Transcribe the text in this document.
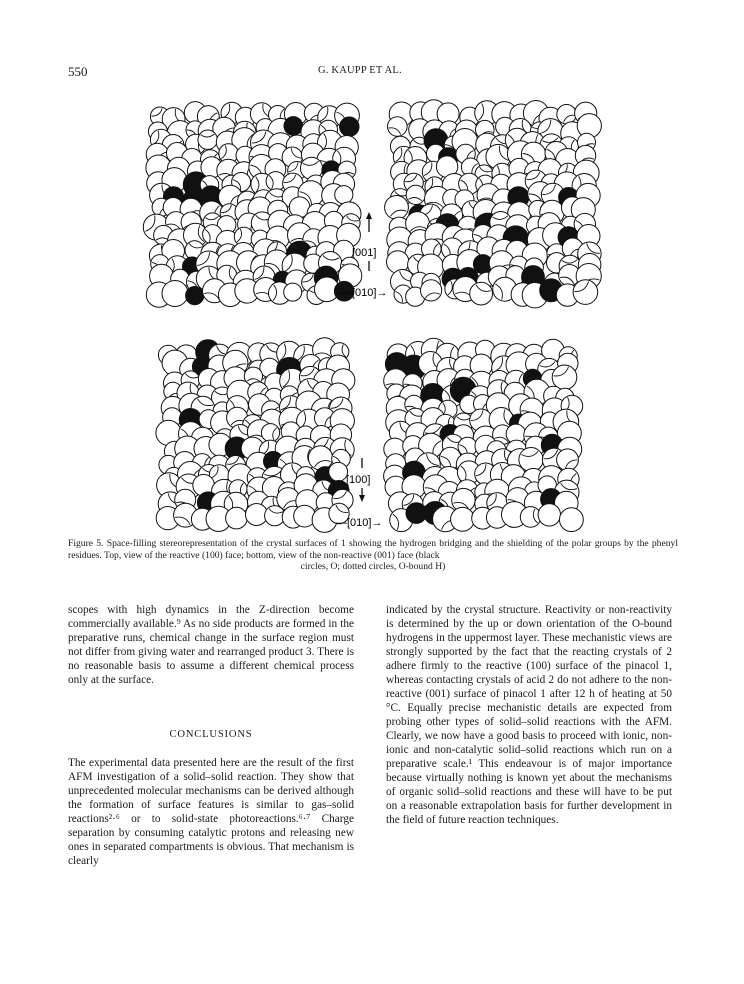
550	G. KAUPP ET AL.
[001]
—[010]→
[100]
—[010]→
Figure 5. Space-filling stereorepresentation of the crystal surfaces of 1 showing the hydrogen bridging and the shielding of the polar groups by the phenyl residues. Top, view of the reactive (100) face; bottom, view of the non-reactive (001) face (black
circles, O; dotted circles, O-bound H)

scopes with high dynamics in the Z-direction become commercially available.⁹ As no side products are formed in the preparative runs, chemical change in the surface region must not differ from giving water and rearranged product 3. There is no reasonable basis to assume a different chemical process only at the surface.

CONCLUSIONS

The experimental data presented here are the result of the first AFM investigation of a solid–solid reaction. They show that unprecedented molecular mechanisms can be derived although the formation of surface features is similar to gas–solid reactions²·⁶ or to solid-state photoreactions.⁶·⁷ Charge separation by consuming catalytic protons and releasing new ones in separated compartments is obvious. That mechanism is clearly

indicated by the crystal structure. Reactivity or non-reactivity is determined by the up or down orientation of the O-bound hydrogens in the uppermost layer. These mechanistic views are strongly supported by the fact that the reacting crystals of 2 adhere firmly to the reactive (100) surface of the pinacol 1, whereas contacting crystals of acid 2 do not adhere to the non-reactive (001) surface of pinacol 1 after 12 h of heating at 50 °C. Equally precise mechanistic details are expected from probing other types of solid–solid reactions with the AFM. Clearly, we now have a good basis to proceed with ionic, non-ionic and non-catalytic solid–solid reactions which run on a preparative scale.¹ This endeavour is of major importance because virtually nothing is known yet about the mechanisms of organic solid–solid reactions and these will have to be put on a reasonable extrapolation basis for further development in the field of future reaction techniques.
